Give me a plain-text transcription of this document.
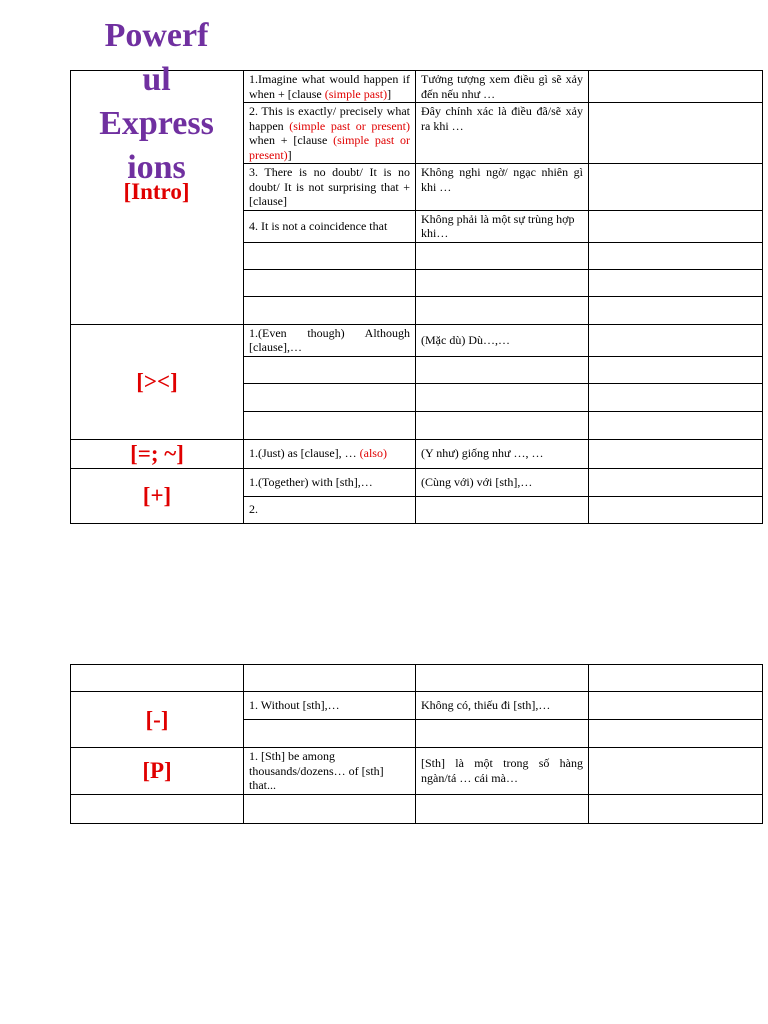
Powerf
ul
Express
ions
[Intro]
	1.Imagine what would happen if when + [clause (simple past)]	Tưởng tượng xem điều gì sẽ xảy đến nếu như …	
	2. This is exactly/ precisely what happen (simple past or present) when + [clause (simple past or present)]	Đây chính xác là điều đã/sẽ xảy ra khi …	
	3. There is no doubt/ It is no doubt/ It is not surprising that + [clause]	Không nghi ngờ/ ngạc nhiên gì khi …	
	4. It is not a coincidence that	Không phải là một sự trùng hợp khi…	

[><]	1.(Even though) Although [clause],…	(Mặc dù) Dù…,…	

[=; ~]	1.(Just) as [clause], … (also)	(Y như) giống như …, …	
[+]	1.(Together) with [sth],…	(Cùng với) với [sth],…	
	2.		

[-]	1. Without [sth],…	Không có, thiếu đi [sth],…	

[P]	1. [Sth] be among thousands/dozens… of [sth] that...	[Sth] là một trong số hàng ngàn/tá … cái mà…	
